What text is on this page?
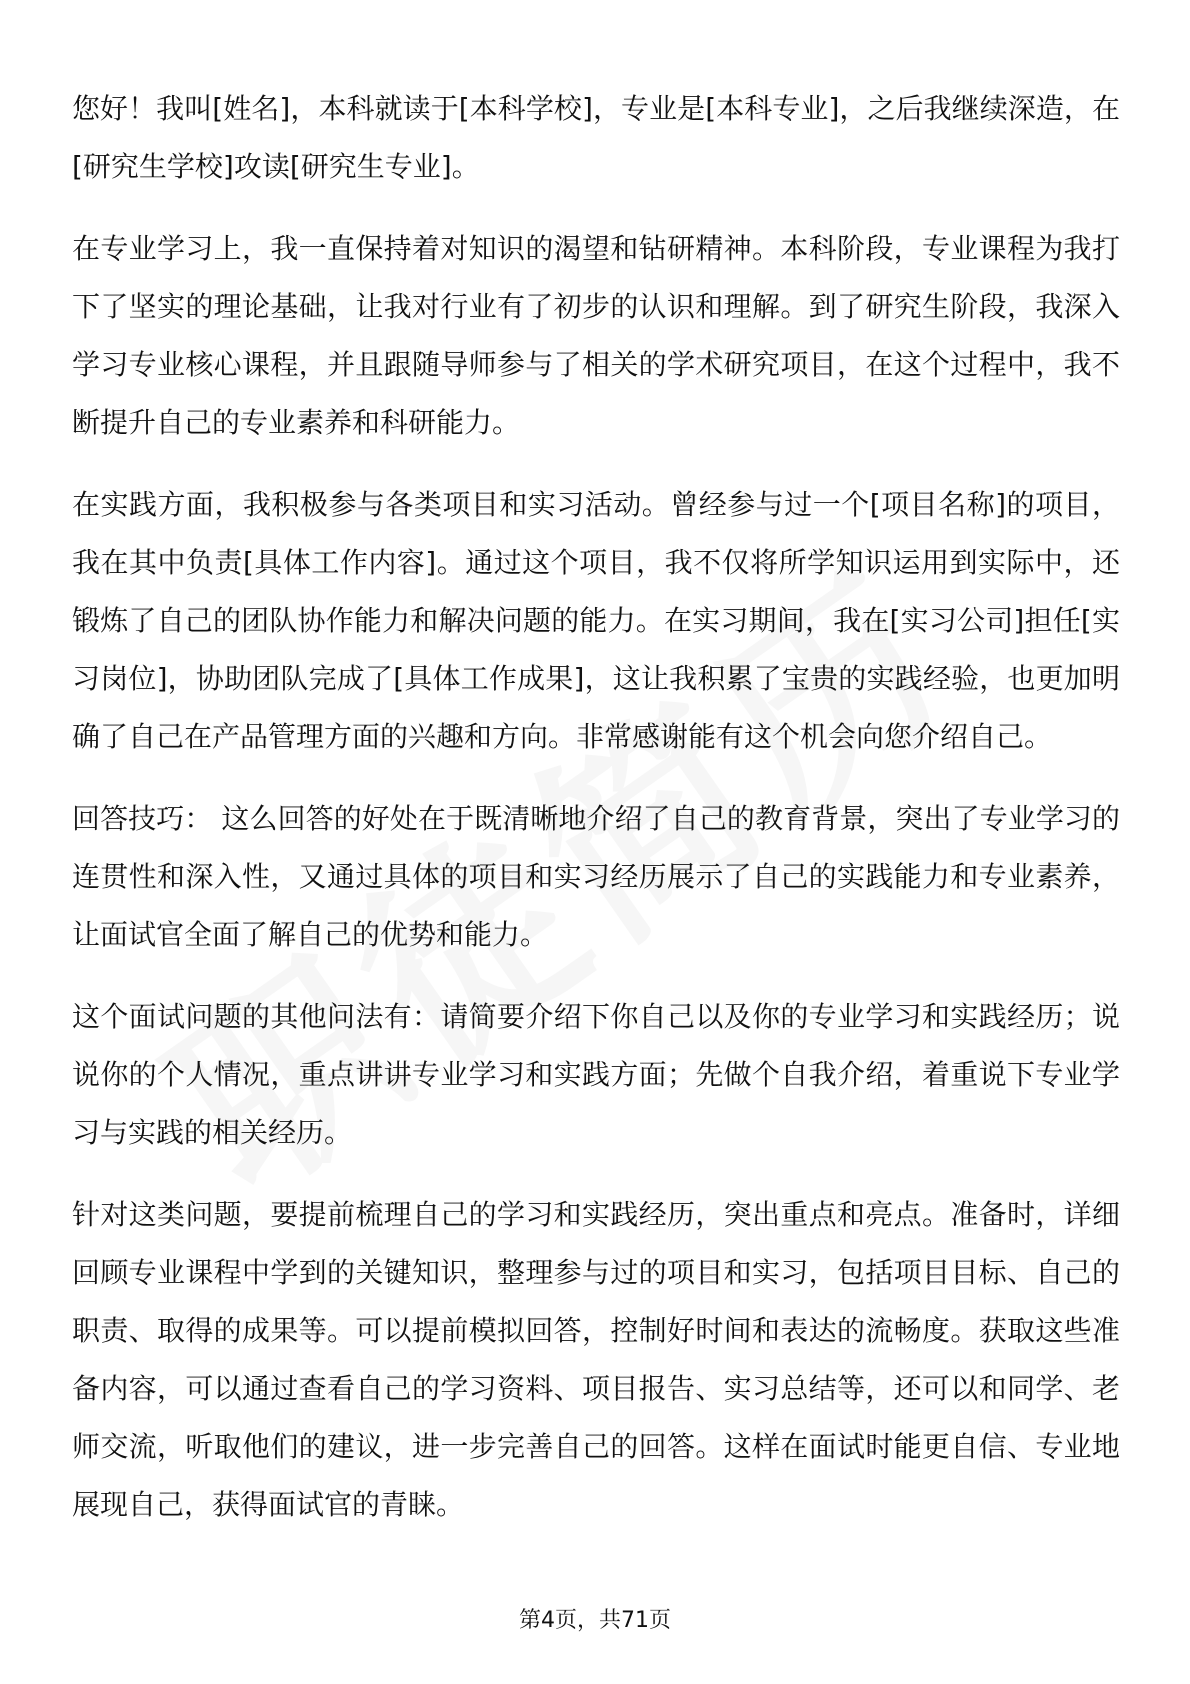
您好！我叫[姓名]，本科就读于[本科学校]，专业是[本科专业]，之后我继续深造，在[研究生学校]攻读[研究生专业]。

在专业学习上，我一直保持着对知识的渴望和钻研精神。本科阶段，专业课程为我打下了坚实的理论基础，让我对行业有了初步的认识和理解。到了研究生阶段，我深入学习专业核心课程，并且跟随导师参与了相关的学术研究项目，在这个过程中，我不断提升自己的专业素养和科研能力。

在实践方面，我积极参与各类项目和实习活动。曾经参与过一个[项目名称]的项目，我在其中负责[具体工作内容]。通过这个项目，我不仅将所学知识运用到实际中，还锻炼了自己的团队协作能力和解决问题的能力。在实习期间，我在[实习公司]担任[实习岗位]，协助团队完成了[具体工作成果]，这让我积累了宝贵的实践经验，也更加明确了自己在产品管理方面的兴趣和方向。非常感谢能有这个机会向您介绍自己。

回答技巧： 这么回答的好处在于既清晰地介绍了自己的教育背景，突出了专业学习的连贯性和深入性，又通过具体的项目和实习经历展示了自己的实践能力和专业素养，让面试官全面了解自己的优势和能力。

这个面试问题的其他问法有：请简要介绍下你自己以及你的专业学习和实践经历；说说你的个人情况，重点讲讲专业学习和实践方面；先做个自我介绍，着重说下专业学习与实践的相关经历。

针对这类问题，要提前梳理自己的学习和实践经历，突出重点和亮点。准备时，详细回顾专业课程中学到的关键知识，整理参与过的项目和实习，包括项目目标、自己的职责、取得的成果等。可以提前模拟回答，控制好时间和表达的流畅度。获取这些准备内容，可以通过查看自己的学习资料、项目报告、实习总结等，还可以和同学、老师交流，听取他们的建议，进一步完善自己的回答。这样在面试时能更自信、专业地展现自己，获得面试官的青睐。

第4页，共71页
